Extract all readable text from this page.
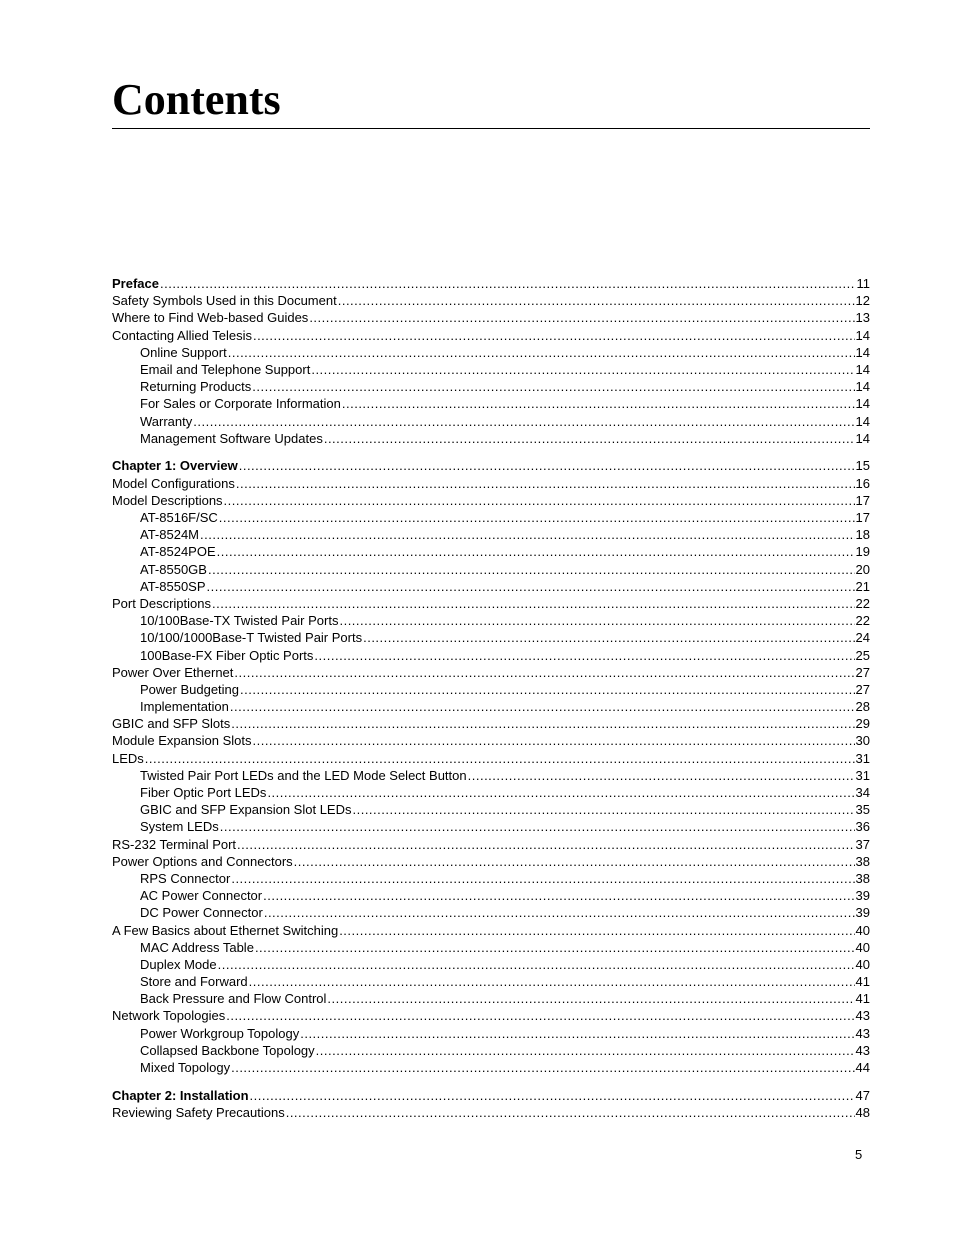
Contents
Preface .....	11
Safety Symbols Used in this Document .....	12
Where to Find Web-based Guides .....	13
Contacting Allied Telesis .....	14
Online Support .....	14
Email and Telephone Support .....	14
Returning Products .....	14
For Sales or Corporate Information .....	14
Warranty .....	14
Management Software Updates .....	14
Chapter 1: Overview .....	15
Model Configurations .....	16
Model Descriptions .....	17
AT-8516F/SC .....	17
AT-8524M .....	18
AT-8524POE .....	19
AT-8550GB .....	20
AT-8550SP .....	21
Port Descriptions .....	22
10/100Base-TX Twisted Pair Ports .....	22
10/100/1000Base-T Twisted Pair Ports .....	24
100Base-FX Fiber Optic Ports .....	25
Power Over Ethernet .....	27
Power Budgeting .....	27
Implementation .....	28
GBIC and SFP Slots .....	29
Module Expansion Slots .....	30
LEDs .....	31
Twisted Pair Port LEDs and the LED Mode Select Button .....	31
Fiber Optic Port LEDs .....	34
GBIC and SFP Expansion Slot LEDs .....	35
System LEDs .....	36
RS-232 Terminal Port .....	37
Power Options and Connectors .....	38
RPS Connector .....	38
AC Power Connector .....	39
DC Power Connector .....	39
A Few Basics about Ethernet Switching .....	40
MAC Address Table .....	40
Duplex Mode .....	40
Store and Forward .....	41
Back Pressure and Flow Control .....	41
Network Topologies .....	43
Power Workgroup Topology .....	43
Collapsed Backbone Topology .....	43
Mixed Topology .....	44
Chapter 2: Installation .....	47
Reviewing Safety Precautions .....	48
5
